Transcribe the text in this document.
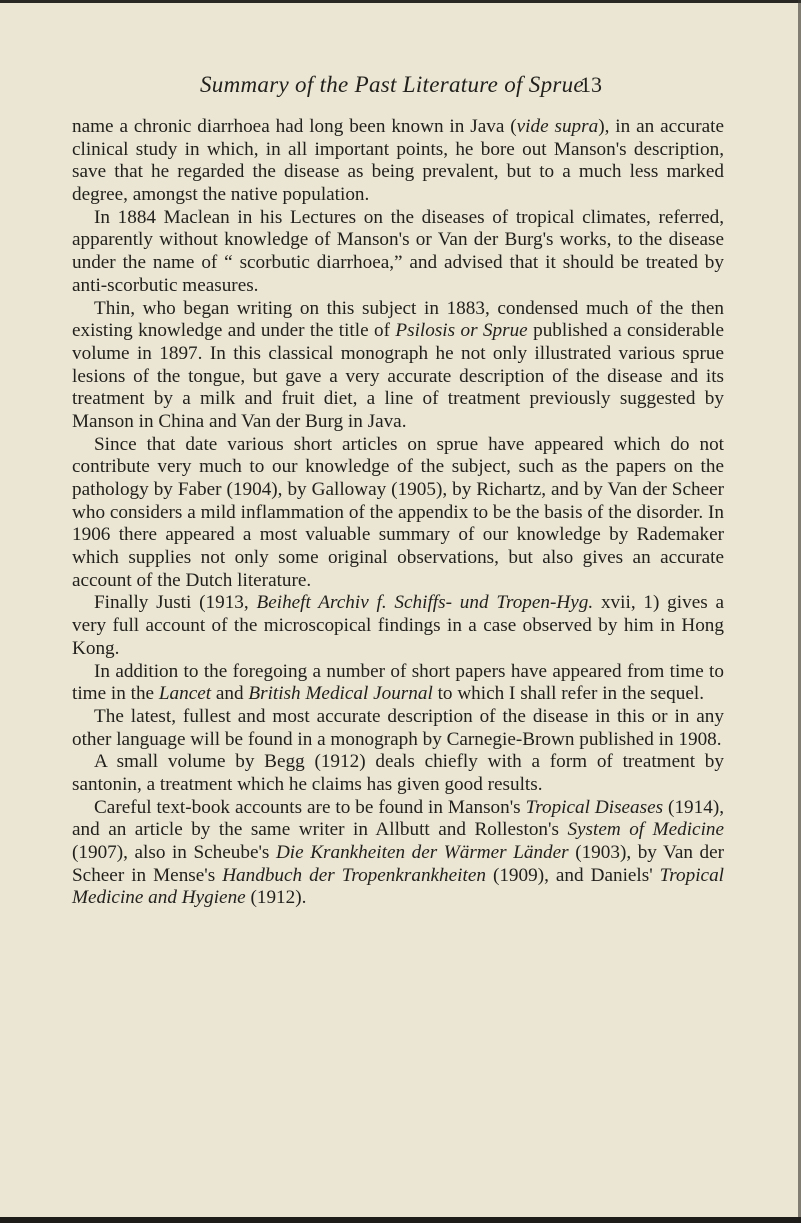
Summary of the Past Literature of Sprue
13

name a chronic diarrhoea had long been known in Java (vide supra), in an accurate clinical study in which, in all important points, he bore out Manson's description, save that he regarded the disease as being prevalent, but to a much less marked degree, amongst the native population.

In 1884 Maclean in his Lectures on the diseases of tropical climates, referred, apparently without knowledge of Manson's or Van der Burg's works, to the disease under the name of “ scorbutic diarrhoea,” and advised that it should be treated by anti-scorbutic measures.

Thin, who began writing on this subject in 1883, condensed much of the then existing knowledge and under the title of Psilosis or Sprue published a considerable volume in 1897. In this classical monograph he not only illustrated various sprue lesions of the tongue, but gave a very accurate description of the disease and its treatment by a milk and fruit diet, a line of treatment previously suggested by Manson in China and Van der Burg in Java.

Since that date various short articles on sprue have appeared which do not contribute very much to our knowledge of the subject, such as the papers on the pathology by Faber (1904), by Galloway (1905), by Richartz, and by Van der Scheer who considers a mild inflammation of the appendix to be the basis of the disorder. In 1906 there appeared a most valuable summary of our knowledge by Rademaker which supplies not only some original observations, but also gives an accurate account of the Dutch literature.

Finally Justi (1913, Beiheft Archiv f. Schiffs- und Tropen-Hyg. xvii, 1) gives a very full account of the microscopical findings in a case observed by him in Hong Kong.

In addition to the foregoing a number of short papers have appeared from time to time in the Lancet and British Medical Journal to which I shall refer in the sequel.

The latest, fullest and most accurate description of the disease in this or in any other language will be found in a monograph by Carnegie-Brown published in 1908.

A small volume by Begg (1912) deals chiefly with a form of treatment by santonin, a treatment which he claims has given good results.

Careful text-book accounts are to be found in Manson's Tropical Diseases (1914), and an article by the same writer in Allbutt and Rolleston's System of Medicine (1907), also in Scheube's Die Krankheiten der Wärmer Länder (1903), by Van der Scheer in Mense's Handbuch der Tropenkrankheiten (1909), and Daniels' Tropical Medicine and Hygiene (1912).
